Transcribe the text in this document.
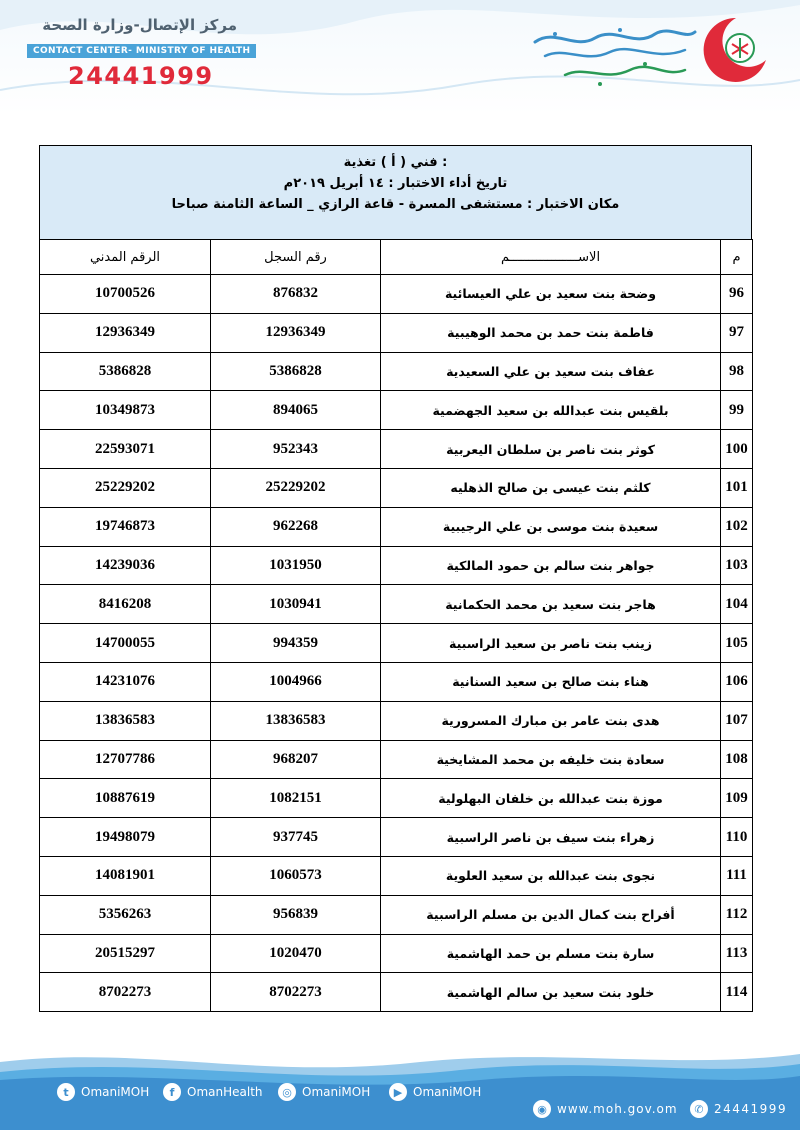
مركز الإتصال-وزارة الصحة
CONTACT CENTER- MINISTRY OF HEALTH
24441999
: فني ( أ ) تغذية
تاريخ أداء الاختبار : ١٤ أبريل ٢٠١٩م
مكان الاختبار : مستشفى المسرة - قاعة الرازي _ الساعة الثامنة صباحا
م	الاســــــــــــــــــم	رقم السجل	الرقم المدني
96	وضحة بنت سعيد بن علي العيسائية	876832	10700526
97	فاطمة بنت حمد بن محمد الوهيبية	12936349	12936349
98	عفاف بنت سعيد بن علي السعيدية	5386828	5386828
99	بلقيس بنت عبدالله بن سعيد الجهضمية	894065	10349873
100	كوثر بنت ناصر بن سلطان اليعربية	952343	22593071
101	كلثم بنت عيسى بن صالح الذهليه	25229202	25229202
102	سعيدة بنت موسى بن علي الرجيبية	962268	19746873
103	جواهر بنت سالم بن حمود المالكية	1031950	14239036
104	هاجر بنت سعيد بن محمد الحكمانية	1030941	8416208
105	زينب بنت ناصر بن سعيد الراسبية	994359	14700055
106	هناء بنت صالح بن سعيد السنانية	1004966	14231076
107	هدى بنت عامر بن مبارك المسرورية	13836583	13836583
108	سعادة بنت خليفه بن محمد المشايخية	968207	12707786
109	موزة بنت عبدالله بن خلفان البهلولية	1082151	10887619
110	زهراء بنت سيف بن ناصر الراسبية	937745	19498079
111	نجوى بنت عبدالله بن سعيد العلوية	1060573	14081901
112	أفراح بنت كمال الدين بن مسلم الراسبية	956839	5356263
113	سارة بنت مسلم بن حمد الهاشمية	1020470	20515297
114	خلود بنت سعيد بن سالم الهاشمية	8702273	8702273
t	OmaniMOH	f	OmanHealth	◎ OmaniMOH	▶ OmaniMOH
◉ www.moh.gov.om	✆ 24441999
